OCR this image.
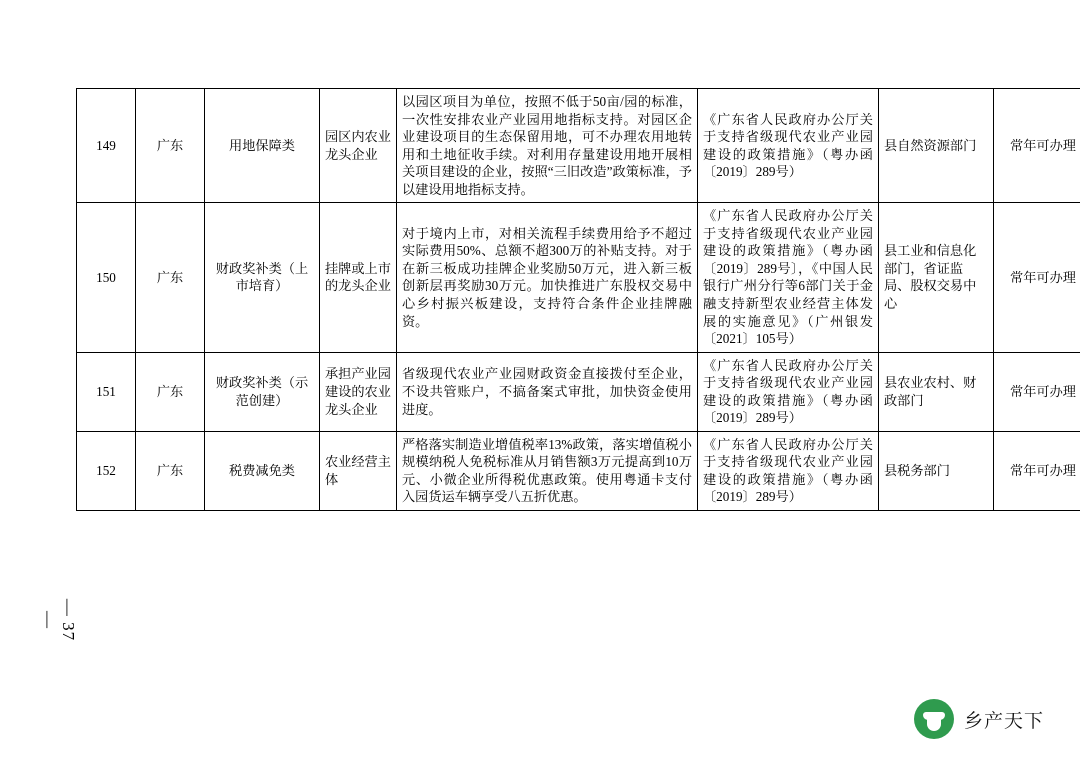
149	广东	用地保障类	园区内农业龙头企业	以园区项目为单位，按照不低于50亩/园的标准，一次性安排农业产业园用地指标支持。对园区企业建设项目的生态保留用地，可不办理农用地转用和土地征收手续。对利用存量建设用地开展相关项目建设的企业，按照“三旧改造”政策标准，予以建设用地指标支持。	《广东省人民政府办公厅关于支持省级现代农业产业园建设的政策措施》（粤办函〔2019〕289号）	县自然资源部门	常年可办理
150	广东	财政奖补类（上市培育）	挂牌或上市的龙头企业	对于境内上市，对相关流程手续费用给予不超过实际费用50%、总额不超300万的补贴支持。对于在新三板成功挂牌企业奖励50万元，进入新三板创新层再奖励30万元。加快推进广东股权交易中心乡村振兴板建设，支持符合条件企业挂牌融资。	《广东省人民政府办公厅关于支持省级现代农业产业园建设的政策措施》（粤办函〔2019〕289号〕，《中国人民银行广州分行等6部门关于金融支持新型农业经营主体发展的实施意见》（广州银发〔2021〕105号）	县工业和信息化部门，省证监局、股权交易中心	常年可办理
151	广东	财政奖补类（示范创建）	承担产业园建设的农业龙头企业	省级现代农业产业园财政资金直接拨付至企业，不设共管账户，不搞备案式审批，加快资金使用进度。	《广东省人民政府办公厅关于支持省级现代农业产业园建设的政策措施》（粤办函〔2019〕289号）	县农业农村、财政部门	常年可办理
152	广东	税费减免类	农业经营主体	严格落实制造业增值税率13%政策，落实增值税小规模纳税人免税标准从月销售额3万元提高到10万元、小微企业所得税优惠政策。使用粤通卡支付入园货运车辆享受八五折优惠。	《广东省人民政府办公厅关于支持省级现代农业产业园建设的政策措施》（粤办函〔2019〕289号）	县税务部门	常年可办理
— 37 —
乡产天下
